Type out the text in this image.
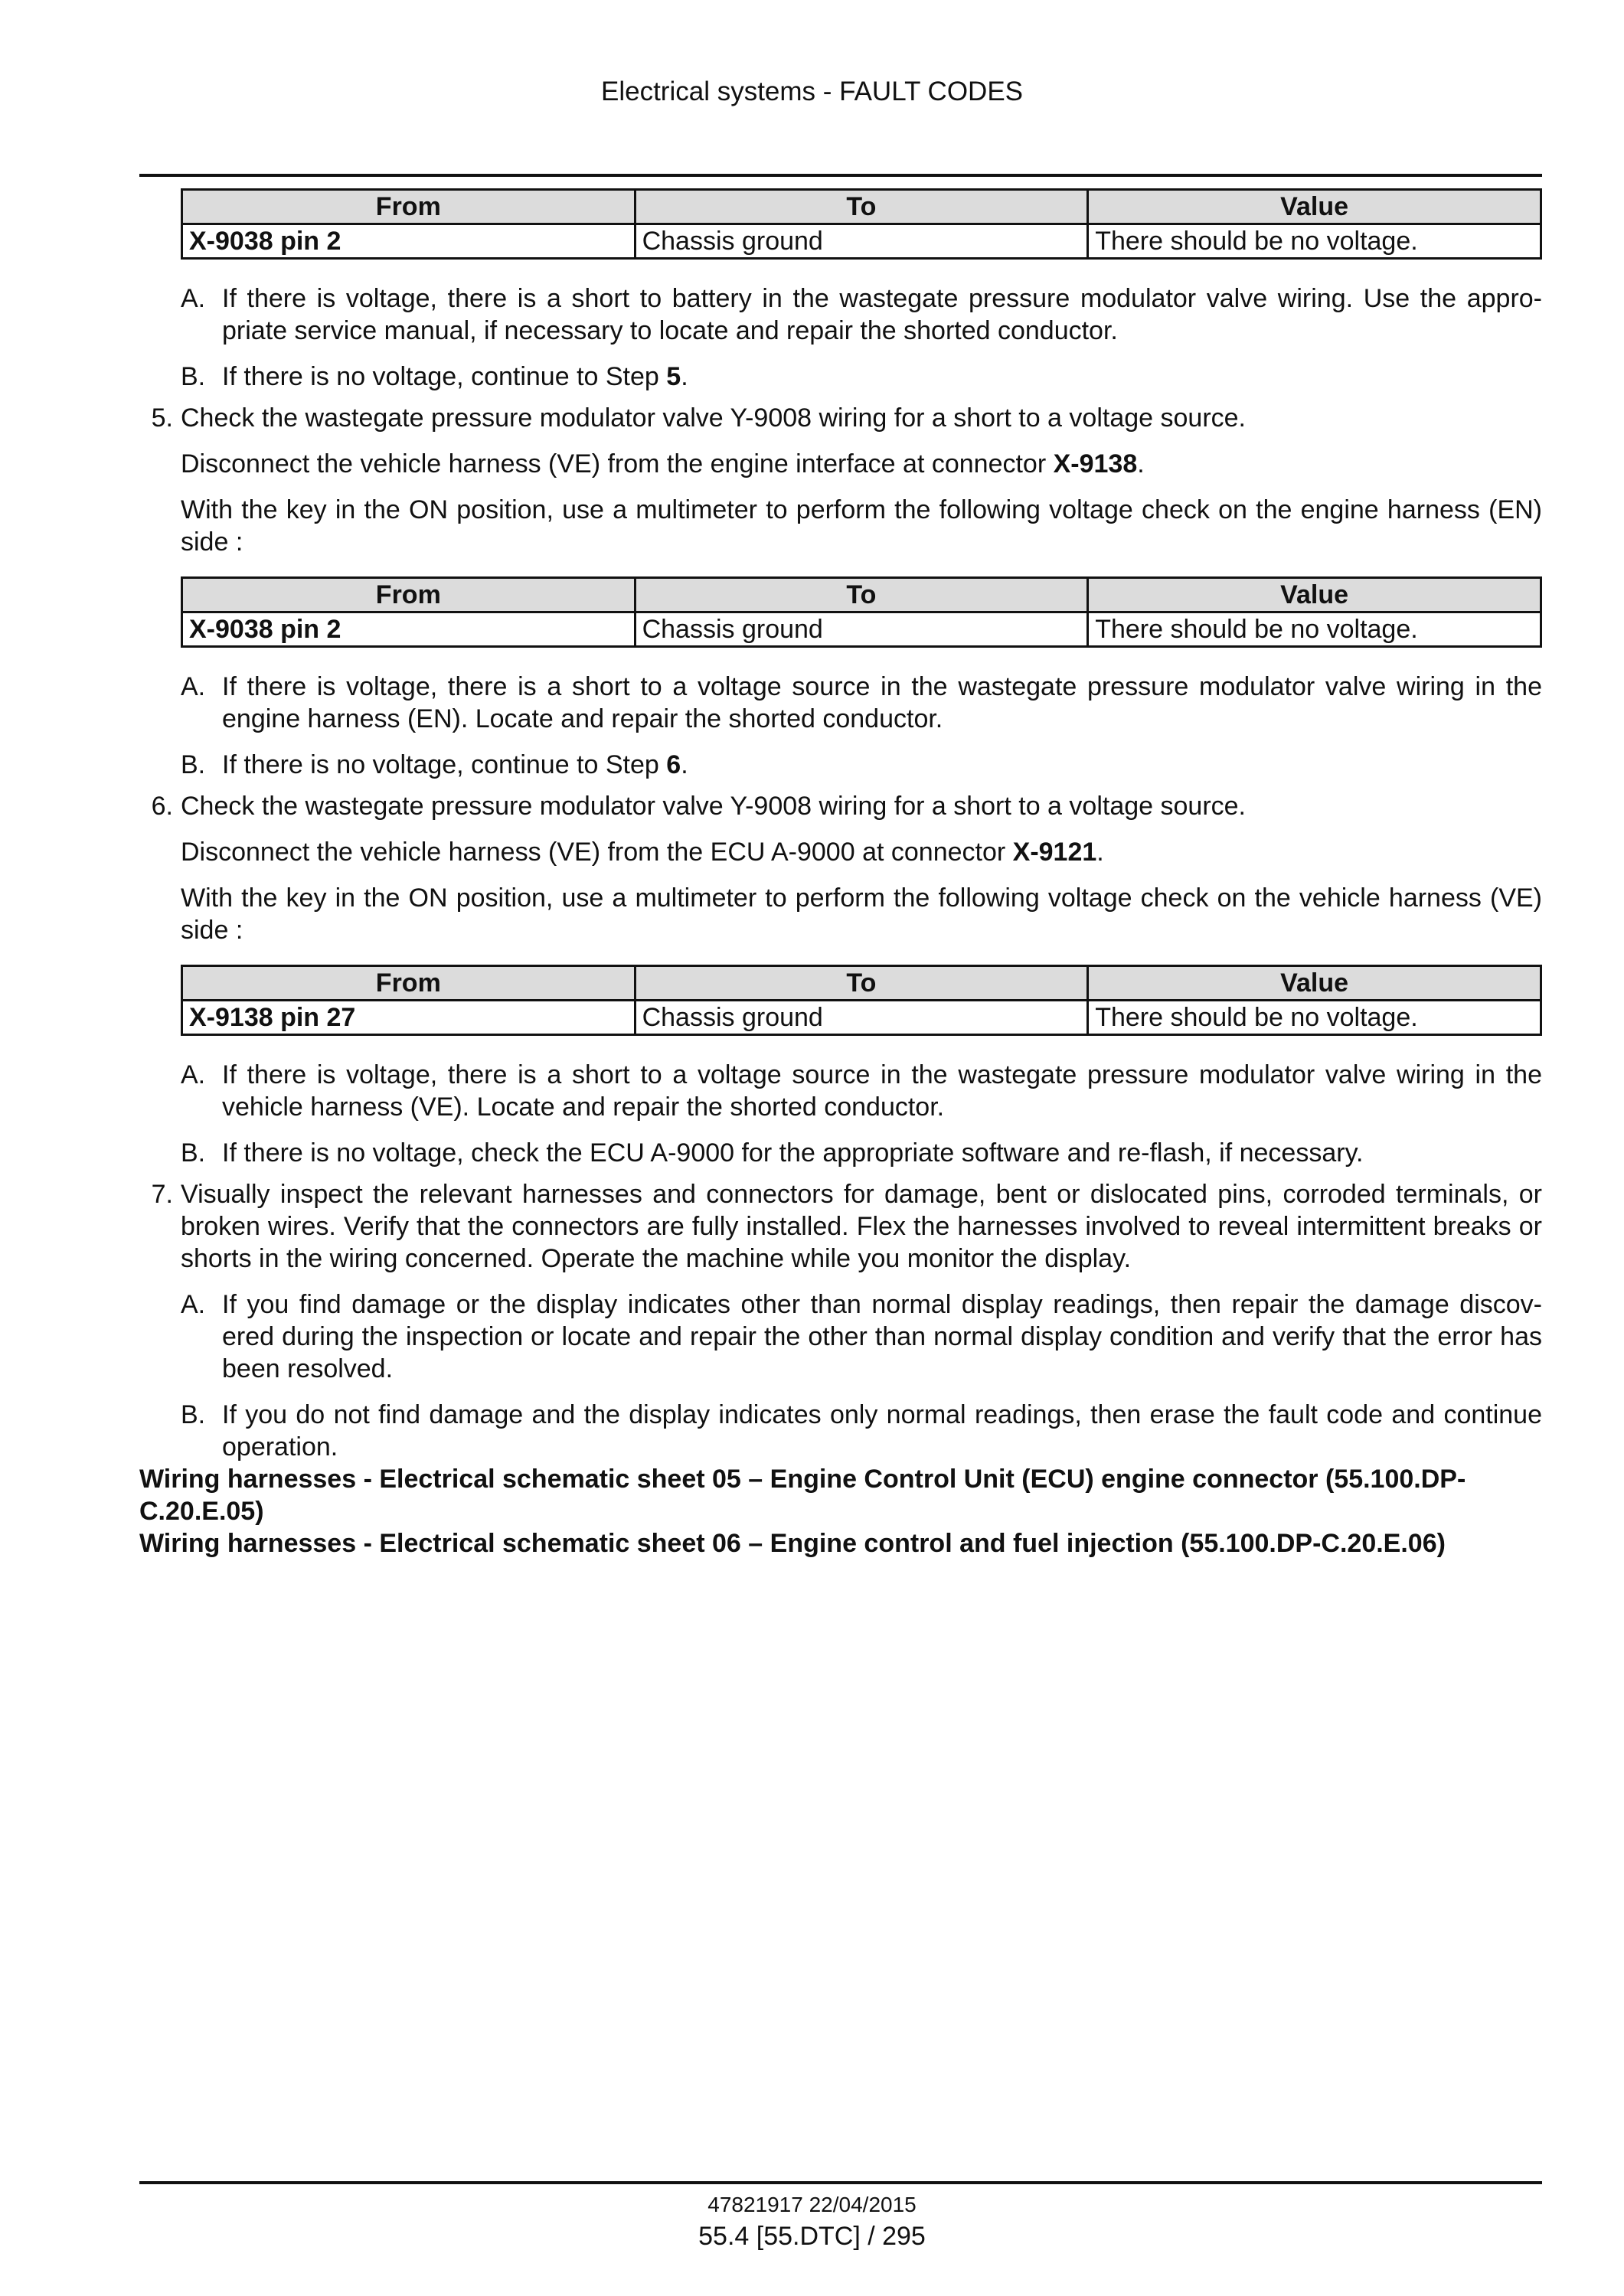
Electrical systems - FAULT CODES
From	To	Value
X-9038 pin 2	Chassis ground	There should be no voltage.
A. If there is voltage, there is a short to battery in the wastegate pressure modulator valve wiring. Use the appro- priate service manual, if necessary to locate and repair the shorted conductor.
B. If there is no voltage, continue to Step 5.
5. Check the wastegate pressure modulator valve Y-9008 wiring for a short to a voltage source.
Disconnect the vehicle harness (VE) from the engine interface at connector X-9138.
With the key in the ON position, use a multimeter to perform the following voltage check on the engine harness (EN) side :
From	To	Value
X-9038 pin 2	Chassis ground	There should be no voltage.
A. If there is voltage, there is a short to a voltage source in the wastegate pressure modulator valve wiring in the engine harness (EN). Locate and repair the shorted conductor.
B. If there is no voltage, continue to Step 6.
6. Check the wastegate pressure modulator valve Y-9008 wiring for a short to a voltage source.
Disconnect the vehicle harness (VE) from the ECU A-9000 at connector X-9121.
With the key in the ON position, use a multimeter to perform the following voltage check on the vehicle harness (VE) side :
From	To	Value
X-9138 pin 27	Chassis ground	There should be no voltage.
A. If there is voltage, there is a short to a voltage source in the wastegate pressure modulator valve wiring in the vehicle harness (VE). Locate and repair the shorted conductor.
B. If there is no voltage, check the ECU A-9000 for the appropriate software and re-flash, if necessary.
7. Visually inspect the relevant harnesses and connectors for damage, bent or dislocated pins, corroded terminals, or broken wires. Verify that the connectors are fully installed. Flex the harnesses involved to reveal intermittent breaks or shorts in the wiring concerned. Operate the machine while you monitor the display.
A. If you find damage or the display indicates other than normal display readings, then repair the damage discov- ered during the inspection or locate and repair the other than normal display condition and verify that the error has been resolved.
B. If you do not find damage and the display indicates only normal readings, then erase the fault code and continue operation.
Wiring harnesses - Electrical schematic sheet 05 – Engine Control Unit (ECU) engine connector (55.100.DP-C.20.E.05)
Wiring harnesses - Electrical schematic sheet 06 – Engine control and fuel injection (55.100.DP-C.20.E.06)
47821917 22/04/2015
55.4 [55.DTC] / 295
